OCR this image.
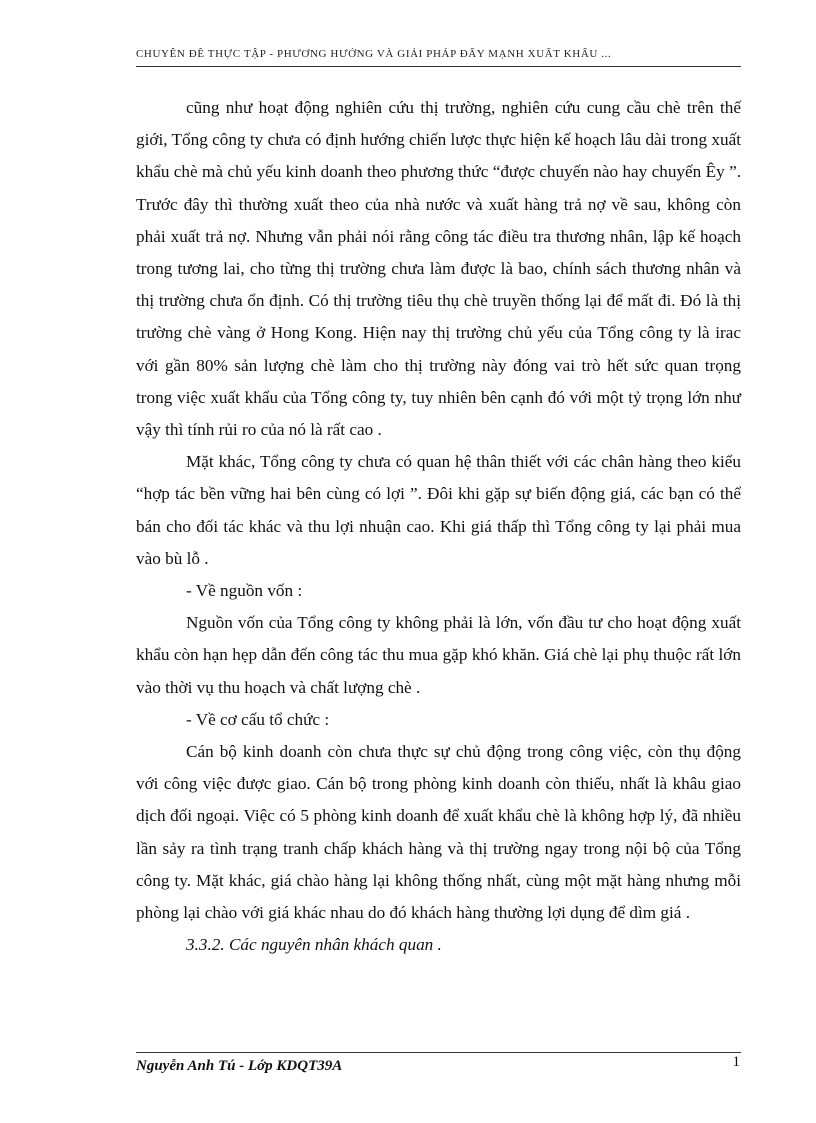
CHUYÊN ĐỀ THỰC TẬP - PHƯƠNG HƯỚNG VÀ GIẢI PHÁP ĐẨY MẠNH XUẤT KHẨU ...

cũng như hoạt động nghiên cứu thị trường, nghiên cứu cung cầu chè trên thế giới, Tổng công ty chưa có định hướng chiến lược thực hiện kế hoạch lâu dài trong xuất khẩu chè mà chủ yếu kinh doanh theo phương thức “được chuyến nào hay chuyến Êy ”. Trước đây thì thường xuất theo của nhà nước và xuất hàng trả nợ về sau, không còn phải xuất trả nợ. Nhưng vẫn phải nói rằng công tác điều tra thương nhân, lập kế hoạch trong tương lai, cho từng thị trường chưa làm được là bao, chính sách thương nhân và thị trường chưa ổn định. Có thị trường tiêu thụ chè truyền thống lại để mất đi. Đó là thị trường chè vàng ở Hong Kong. Hiện nay thị trường chủ yếu của Tổng công ty là irac với gần 80% sản lượng chè làm cho thị trường này đóng vai trò hết sức quan trọng trong việc xuất khẩu của Tổng công ty, tuy nhiên bên cạnh đó với một tỷ trọng lớn như vậy thì tính rủi ro của nó là rất cao .

Mặt khác, Tổng công ty chưa có quan hệ thân thiết với các chân hàng theo kiểu “hợp tác bền vững hai bên cùng có lợi ”. Đôi khi gặp sự biến động giá, các bạn có thể bán cho đối tác khác và thu lợi nhuận cao. Khi giá thấp thì Tổng công ty lại phải mua vào bù lỗ .

- Về nguồn vốn :

Nguồn vốn của Tổng công ty không phải là lớn, vốn đầu tư cho hoạt động xuất khẩu còn hạn hẹp dẫn đến công tác thu mua gặp khó khăn. Giá chè lại phụ thuộc rất lớn vào thời vụ thu hoạch và chất lượng chè .

- Về cơ cấu tổ chức :

Cán bộ kinh doanh còn chưa thực sự chủ động trong công việc, còn thụ động với công việc được giao. Cán bộ trong phòng kinh doanh còn thiếu, nhất là khâu giao dịch đối ngoại. Việc có 5 phòng kinh doanh để xuất khẩu chè là không hợp lý, đã nhiều lần sảy ra tình trạng tranh chấp khách hàng và thị trường ngay trong nội bộ của Tổng công ty. Mặt khác, giá chào hàng lại không thống nhất, cùng một mặt hàng nhưng mỗi phòng lại chào với giá khác nhau do đó khách hàng thường lợi dụng để dìm giá .

3.3.2. Các nguyên nhân khách quan .

Nguyễn Anh Tú - Lớp KDQT39A	1
